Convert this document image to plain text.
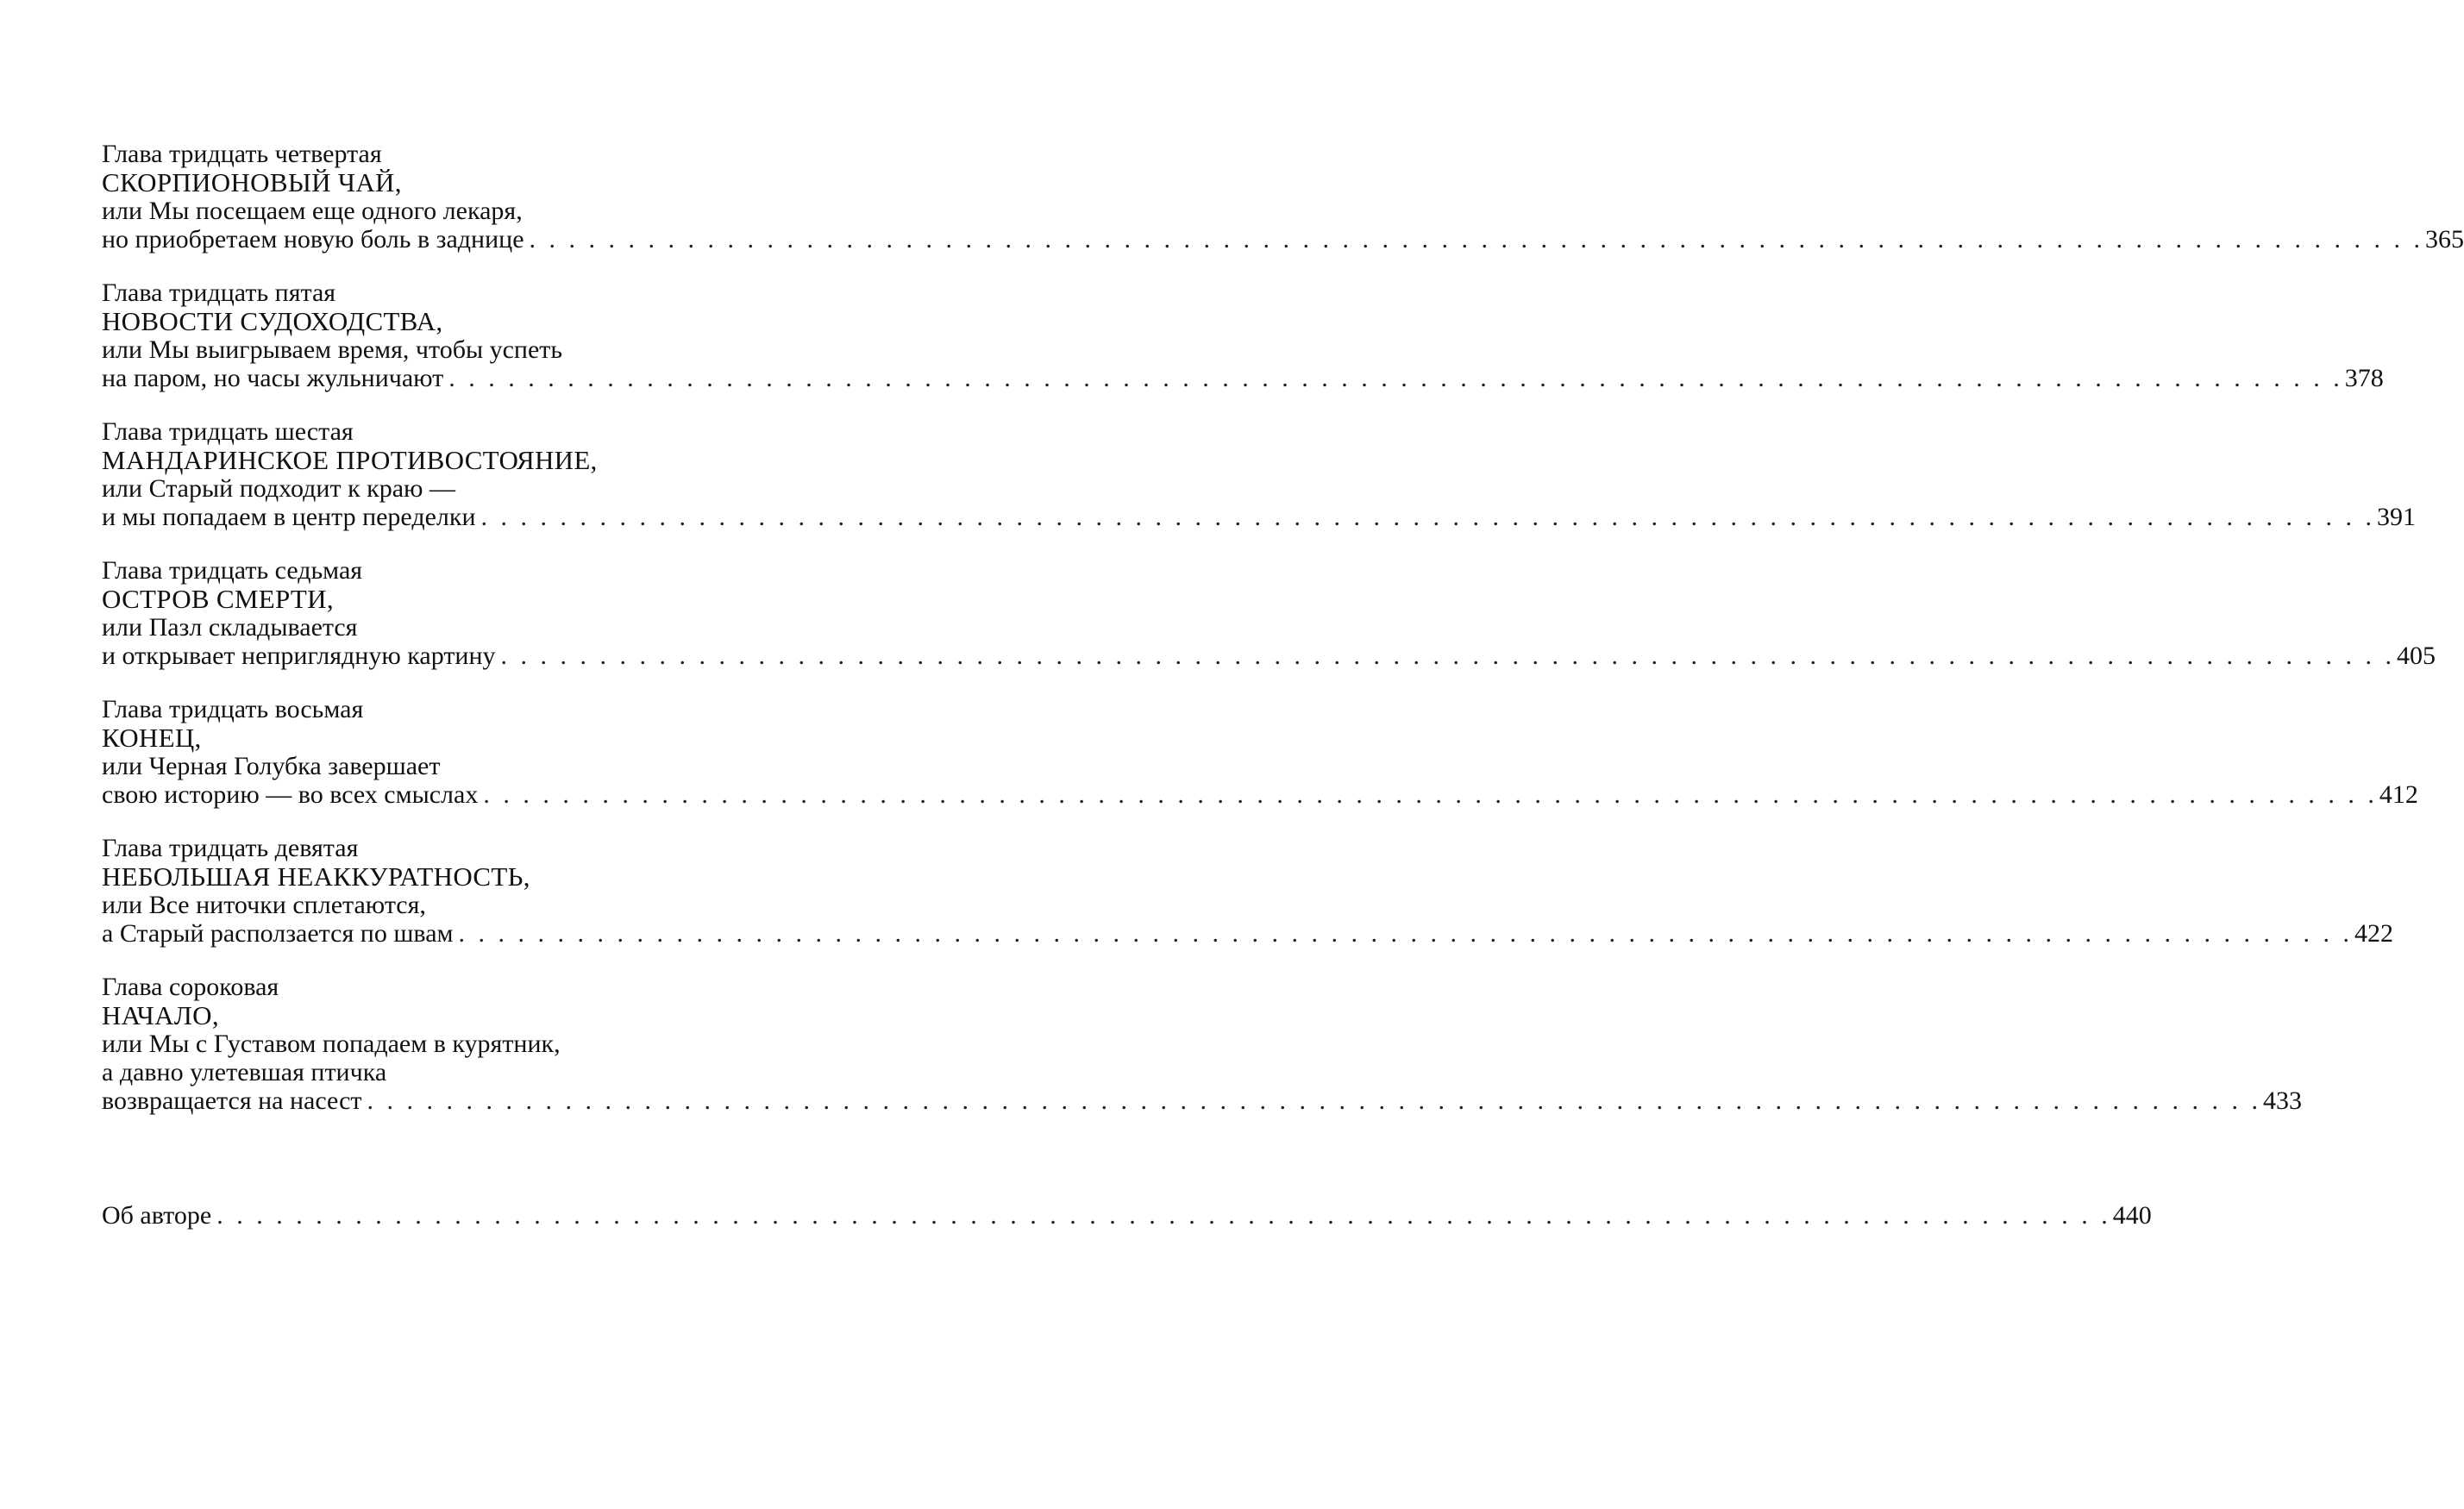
Глава тридцать четвертая
СКОРПИОНОВЫЙ ЧАЙ,
или Мы посещаем еще одного лекаря,
но приобретаем новую боль в заднице . . . . . . . . . . . . . . . . . . . . . . . . . . . . . . . . . . . . . . . . . . . . . . . . . . . . . . . . . . . . . . . . . . . . . . . . . . . . . . . . . . . . . . . . . . . . . . . . 365
Глава тридцать пятая
НОВОСТИ СУДОХОДСТВА,
или Мы выигрываем время, чтобы успеть
на паром, но часы жульничают . . . . . . . . . . . . . . . . . . . . . . . . . . . . . . . . . . . . . . . . . . . . . . . . . . . . . . . . . . . . . . . . . . . . . . . . . . . . . . . . . . . . . . . . . . . . . . . . 378
Глава тридцать шестая
МАНДАРИНСКОЕ ПРОТИВОСТОЯНИЕ,
или Старый подходит к краю —
и мы попадаем в центр переделки . . . . . . . . . . . . . . . . . . . . . . . . . . . . . . . . . . . . . . . . . . . . . . . . . . . . . . . . . . . . . . . . . . . . . . . . . . . . . . . . . . . . . . . . . . . . . . . . 391
Глава тридцать седьмая
ОСТРОВ СМЕРТИ,
или Пазл складывается
и открывает неприглядную картину . . . . . . . . . . . . . . . . . . . . . . . . . . . . . . . . . . . . . . . . . . . . . . . . . . . . . . . . . . . . . . . . . . . . . . . . . . . . . . . . . . . . . . . . . . . . . . . . 405
Глава тридцать восьмая
КОНЕЦ,
или Черная Голубка завершает
свою историю — во всех смыслах . . . . . . . . . . . . . . . . . . . . . . . . . . . . . . . . . . . . . . . . . . . . . . . . . . . . . . . . . . . . . . . . . . . . . . . . . . . . . . . . . . . . . . . . . . . . . . . . 412
Глава тридцать девятая
НЕБОЛЬШАЯ НЕАККУРАТНОСТЬ,
или Все ниточки сплетаются,
а Старый расползается по швам . . . . . . . . . . . . . . . . . . . . . . . . . . . . . . . . . . . . . . . . . . . . . . . . . . . . . . . . . . . . . . . . . . . . . . . . . . . . . . . . . . . . . . . . . . . . . . . . 422
Глава сороковая
НАЧАЛО,
или Мы с Густавом попадаем в курятник,
а давно улетевшая птичка
возвращается на насест . . . . . . . . . . . . . . . . . . . . . . . . . . . . . . . . . . . . . . . . . . . . . . . . . . . . . . . . . . . . . . . . . . . . . . . . . . . . . . . . . . . . . . . . . . . . . . . . 433
Об авторе . . . . . . . . . . . . . . . . . . . . . . . . . . . . . . . . . . . . . . . . . . . . . . . . . . . . . . . . . . . . . . . . . . . . . . . . . . . . . . . . . . . . . . . . . . . . . . . . 440
